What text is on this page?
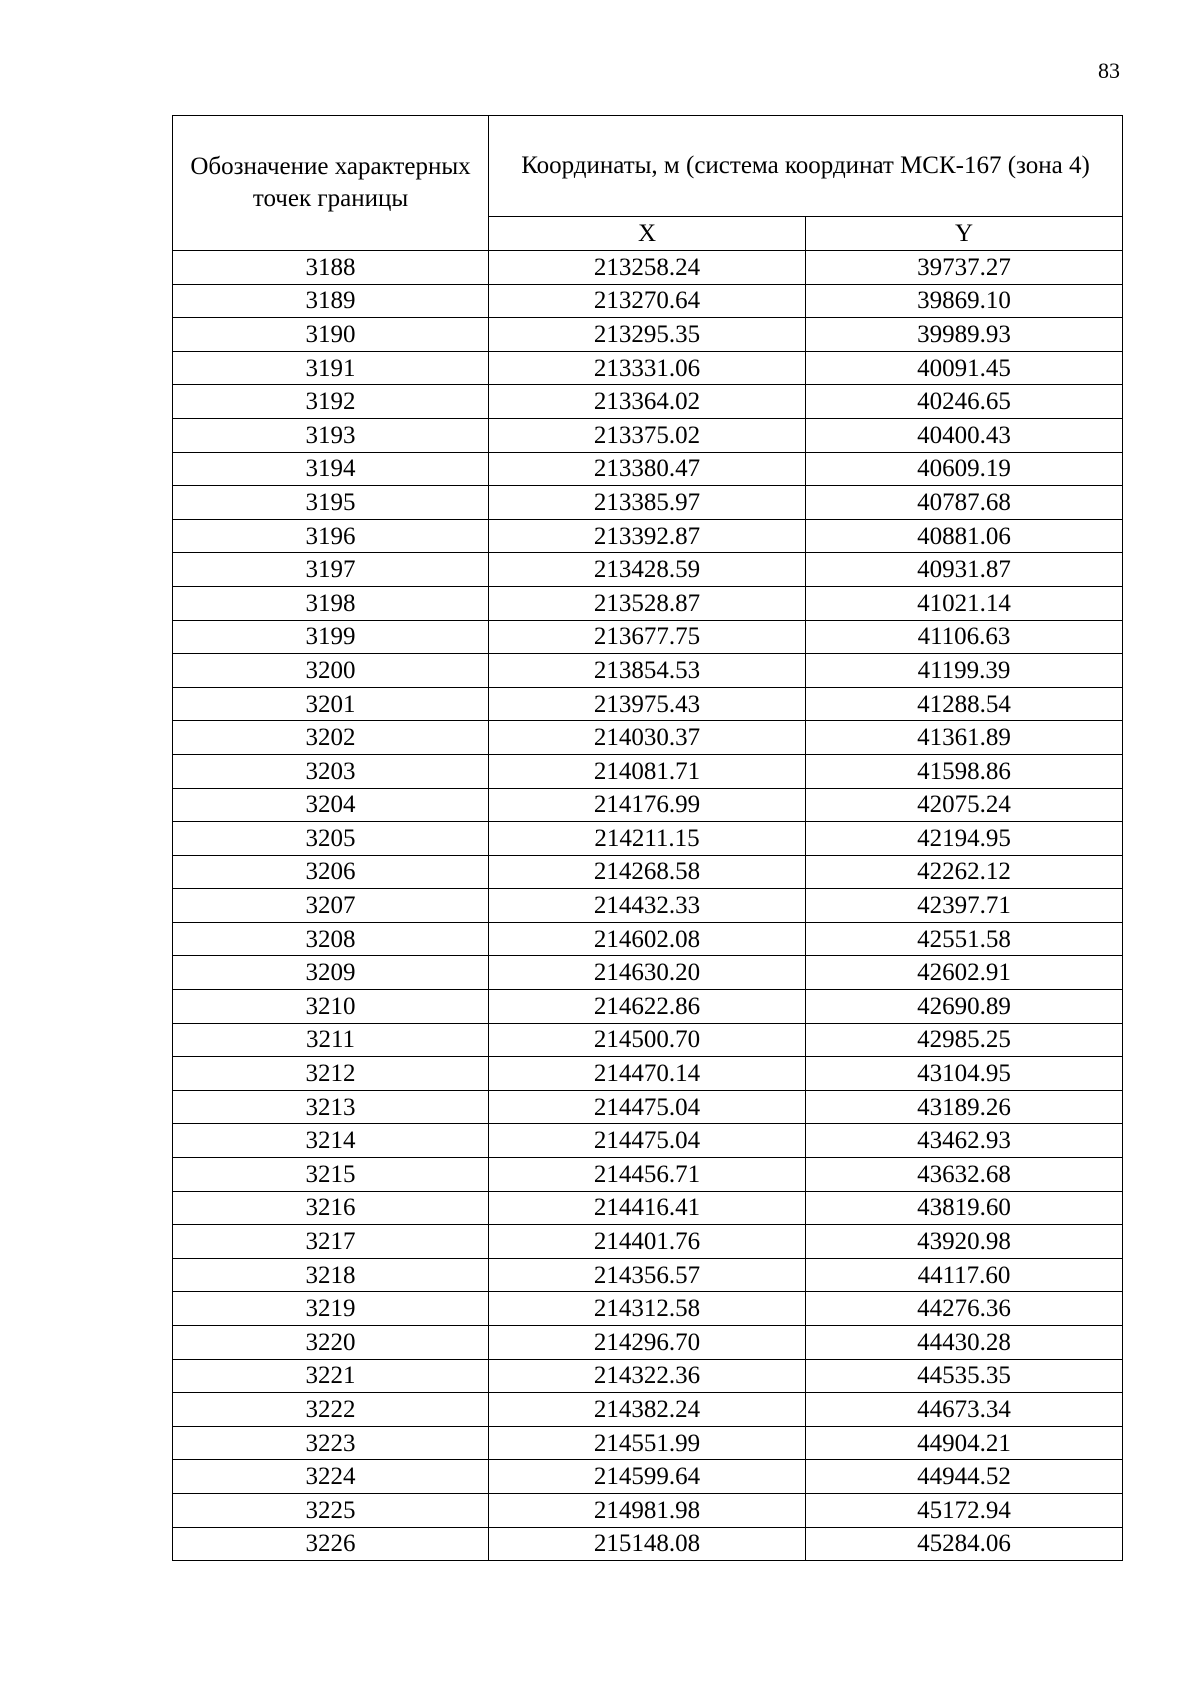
83
Обозначение характерных точек границы	Координаты, м (система координат МСК-167 (зона 4)	
	X	Y
3188	213258.24	39737.27
3189	213270.64	39869.10
3190	213295.35	39989.93
3191	213331.06	40091.45
3192	213364.02	40246.65
3193	213375.02	40400.43
3194	213380.47	40609.19
3195	213385.97	40787.68
3196	213392.87	40881.06
3197	213428.59	40931.87
3198	213528.87	41021.14
3199	213677.75	41106.63
3200	213854.53	41199.39
3201	213975.43	41288.54
3202	214030.37	41361.89
3203	214081.71	41598.86
3204	214176.99	42075.24
3205	214211.15	42194.95
3206	214268.58	42262.12
3207	214432.33	42397.71
3208	214602.08	42551.58
3209	214630.20	42602.91
3210	214622.86	42690.89
3211	214500.70	42985.25
3212	214470.14	43104.95
3213	214475.04	43189.26
3214	214475.04	43462.93
3215	214456.71	43632.68
3216	214416.41	43819.60
3217	214401.76	43920.98
3218	214356.57	44117.60
3219	214312.58	44276.36
3220	214296.70	44430.28
3221	214322.36	44535.35
3222	214382.24	44673.34
3223	214551.99	44904.21
3224	214599.64	44944.52
3225	214981.98	45172.94
3226	215148.08	45284.06
